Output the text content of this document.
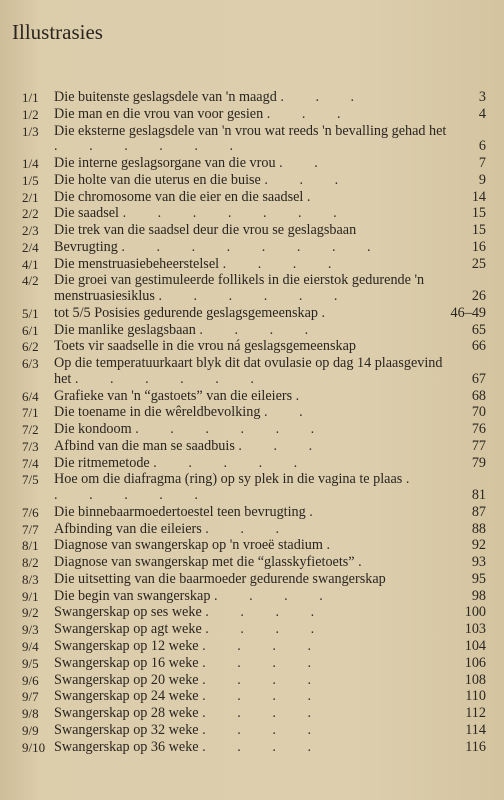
Illustrasies
1/1	Die buitenste geslagsdele van 'n maagd . . .	3
1/2	Die man en die vrou van voor gesien . . .	4
1/3	Die eksterne geslagsdele van 'n vrou wat reeds 'n bevalling gehad het . . . . . .	6
1/4	Die interne geslagsorgane van die vrou . .	7
1/5	Die holte van die uterus en die buise . . .	9
2/1	Die chromosome van die eier en die saadsel .	14
2/2	Die saadsel . . . . . . .	15
2/3	Die trek van die saadsel deur die vrou se geslagsbaan	15
2/4	Bevrugting . . . . . . . .	16
4/1	Die menstruasiebeheerstelsel . . . .	25
4/2	Die groei van gestimuleerde follikels in die eierstok gedurende 'n menstruasiesiklus . . . . . .	26
5/1	tot 5/5 Posisies gedurende geslagsgemeenskap .	46–49
6/1	Die manlike geslagsbaan . . . .	65
6/2	Toets vir saadselle in die vrou ná geslagsgemeenskap	66
6/3	Op die temperatuurkaart blyk dit dat ovulasie op dag 14 plaasgevind het . . . . . .	67
6/4	Grafieke van 'n “gastoets” van die eileiers .	68
7/1	Die toename in die wêreldbevolking . .	70
7/2	Die kondoom . . . . . .	76
7/3	Afbind van die man se saadbuis . . .	77
7/4	Die ritmemetode . . . . .	79
7/5	Hoe om die diafragma (ring) op sy plek in die vagina te plaas . . . . . .	81
7/6	Die binnebaarmoedertoestel teen bevrugting .	87
7/7	Afbinding van die eileiers . . .	88
8/1	Diagnose van swangerskap op 'n vroeë stadium .	92
8/2	Diagnose van swangerskap met die “glasskyfietoets” .	93
8/3	Die uitsetting van die baarmoeder gedurende swangerskap	95
9/1	Die begin van swangerskap . . . .	98
9/2	Swangerskap op ses weke . . . .	100
9/3	Swangerskap op agt weke . . . .	103
9/4	Swangerskap op 12 weke . . . .	104
9/5	Swangerskap op 16 weke . . . .	106
9/6	Swangerskap op 20 weke . . . .	108
9/7	Swangerskap op 24 weke . . . .	110
9/8	Swangerskap op 28 weke . . . .	112
9/9	Swangerskap op 32 weke . . . .	114
9/10 Swangerskap op 36 weke . . . .	116
